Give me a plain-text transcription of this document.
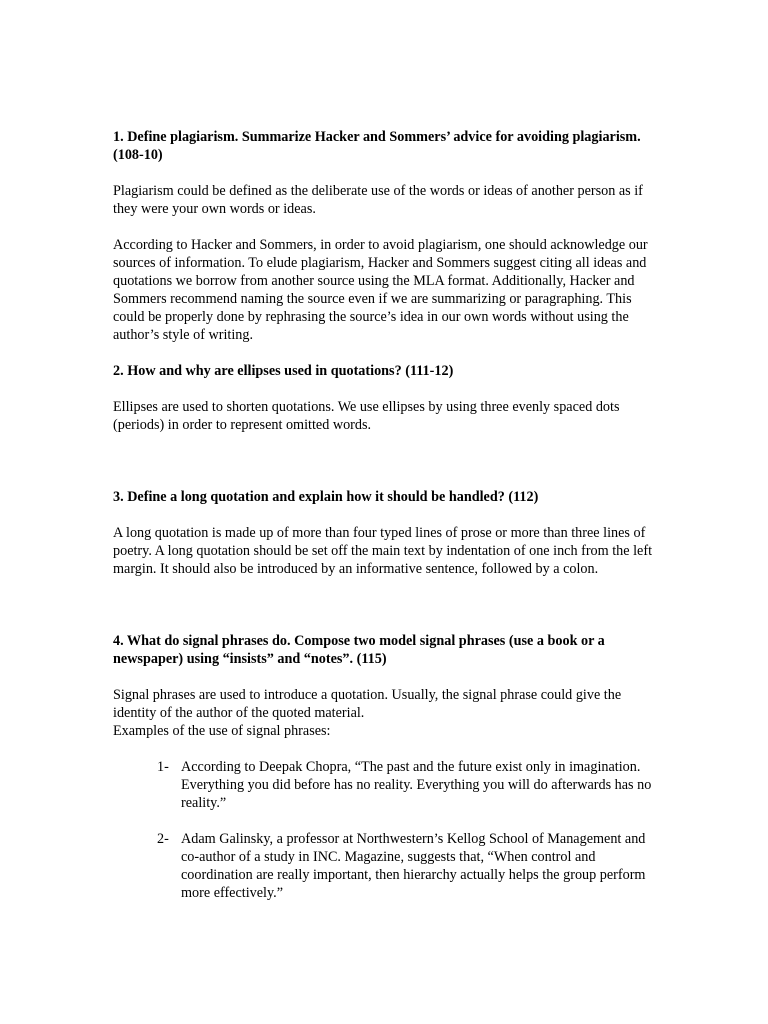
1. Define plagiarism. Summarize Hacker and Sommers’ advice for avoiding plagiarism. (108-10)
Plagiarism could be defined as the deliberate use of the words or ideas of another person as if they were your own words or ideas.
According to Hacker and Sommers, in order to avoid plagiarism, one should acknowledge our sources of information. To elude plagiarism, Hacker and Sommers suggest citing all ideas and quotations we borrow from another source using the MLA format. Additionally, Hacker and Sommers recommend naming the source even if we are summarizing or paragraphing. This could be properly done by rephrasing the source’s idea in our own words without using the author’s style of writing.
2. How and why are ellipses used in quotations? (111-12)
Ellipses are used to shorten quotations. We use ellipses by using three evenly spaced dots (periods) in order to represent omitted words.
3. Define a long quotation and explain how it should be handled? (112)
A long quotation is made up of more than four typed lines of prose or more than three lines of poetry. A long quotation should be set off the main text by indentation of one inch from the left margin. It should also be introduced by an informative sentence, followed by a colon.
4. What do signal phrases do. Compose two model signal phrases (use a book or a newspaper) using “insists” and “notes”. (115)
Signal phrases are used to introduce a quotation. Usually, the signal phrase could give the identity of the author of the quoted material.
Examples of the use of signal phrases:
1- According to Deepak Chopra, “The past and the future exist only in imagination. Everything you did before has no reality. Everything you will do afterwards has no reality.”
2- Adam Galinsky, a professor at Northwestern’s Kellog School of Management and co-author of a study in INC. Magazine, suggests that, “When control and coordination are really important, then hierarchy actually helps the group perform more effectively.”
